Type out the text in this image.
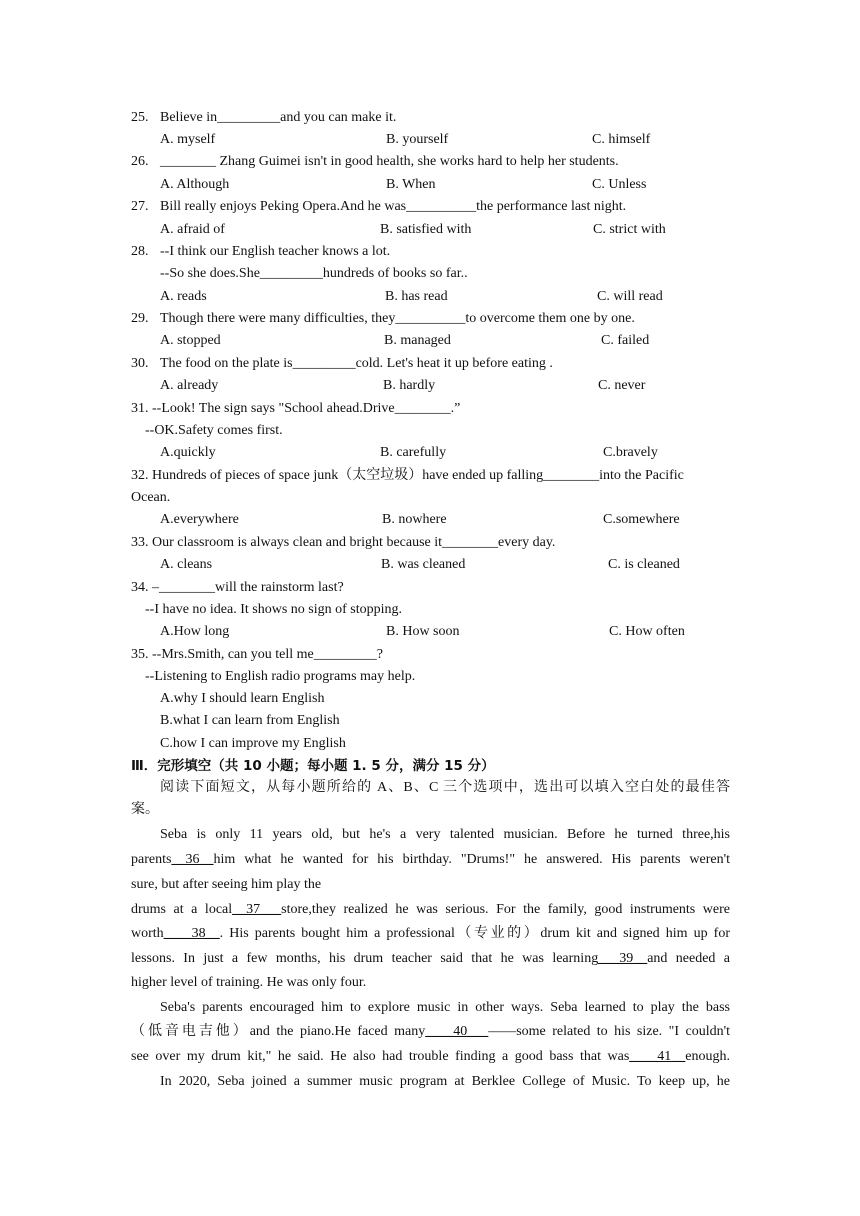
25. Believe in_________and you can make it.
A. myself	B. yourself	C. himself
26. ________ Zhang Guimei isn't in good health, she works hard to help her students.
A. Although	B. When	C. Unless
27. Bill really enjoys Peking Opera.And he was__________the performance last night.
A. afraid of	B. satisfied with	C. strict with
28. --I think our English teacher knows a lot.
--So she does.She_________hundreds of books so far..
A. reads	B. has read	C. will read
29. Though there were many difficulties, they__________to overcome them one by one.
A. stopped	B. managed	C. failed
30. The food on the plate is_________cold. Let's heat it up before eating .
A. already	B. hardly	C. never
31. --Look! The sign says "School ahead.Drive________.”
--OK.Safety comes first.
A.quickly	B. carefully	C.bravely
32. Hundreds of pieces of space junk（太空垃圾）have ended up falling________into the Pacific
Ocean.
A.everywhere	B. nowhere	C.somewhere
33. Our classroom is always clean and bright because it________every day.
A. cleans	B. was cleaned	C. is cleaned
34. –________will the rainstorm last?
--I have no idea. It shows no sign of stopping.
A.How long	B. How soon	C. How often
35. --Mrs.Smith, can you tell me_________?
--Listening to English radio programs may help.
A.why I should learn English
B.what I can learn from English
C.how I can improve my English
Ⅲ．完形填空（共 10 小题；每小题 1. 5 分，满分 15 分）
阅读下面短文，从每小题所给的 A、B、C 三个选项中，选出可以填入空白处的最佳答
案。
Seba is only 11 years old, but he's a very talented musician. Before he turned three,his
parents__36__him what he wanted for his birthday. "Drums!" he answered. His parents weren't
sure, but after seeing him play the
drums at a local__37___store,they realized he was serious. For the family, good instruments were
worth____38__. His parents bought him a professional（专业的）drum kit and signed him up for
lessons. In just a few months, his drum teacher said that he was learning___39__and needed a
higher level of training. He was only four.
Seba's parents encouraged him to explore music in other ways. Seba learned to play the bass
（低音电吉他）and the piano.He faced many____40___——some related to his size. "I couldn't
see over my drum kit," he said. He also had trouble finding a good bass that was____41__enough.
In 2020, Seba joined a summer music program at Berklee College of Music. To keep up, he
